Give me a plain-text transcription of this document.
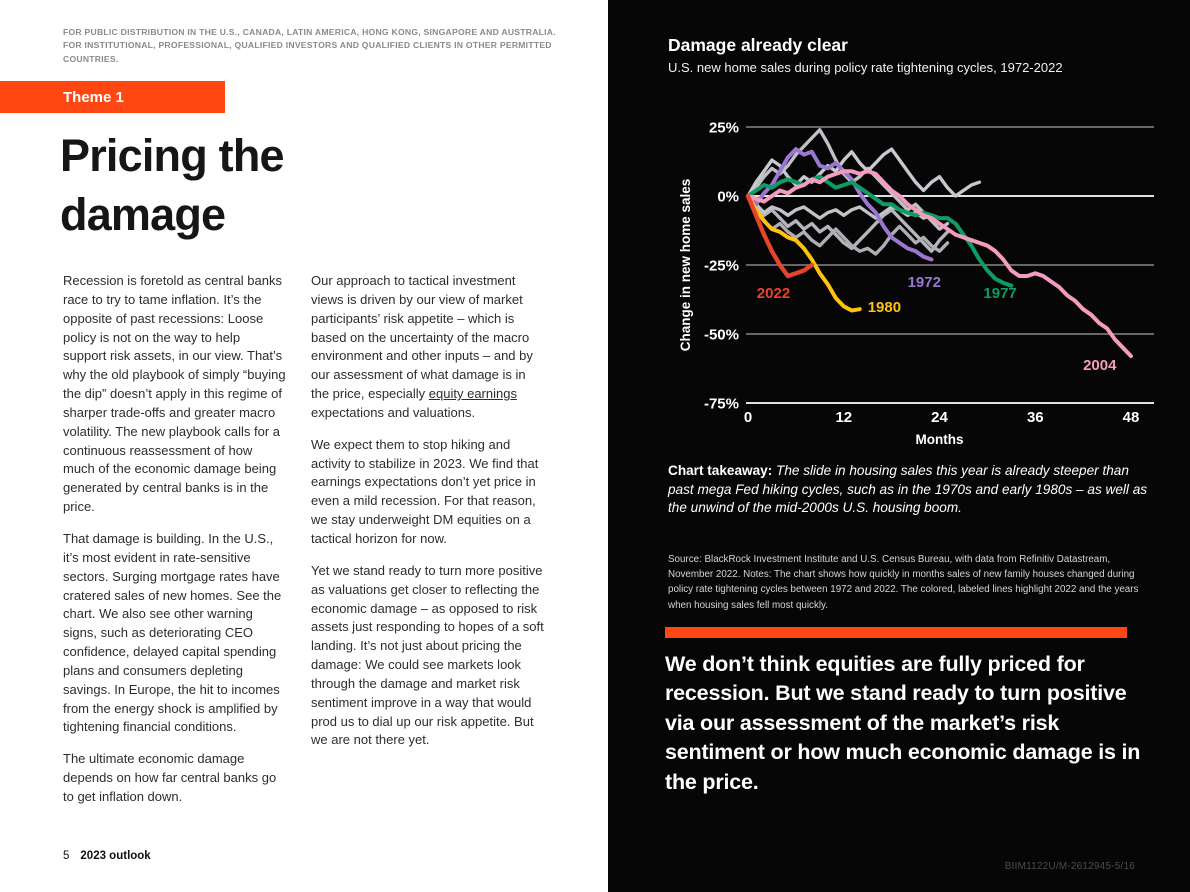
FOR PUBLIC DISTRIBUTION IN THE U.S., CANADA, LATIN AMERICA, HONG KONG, SINGAPORE AND AUSTRALIA.
FOR INSTITUTIONAL, PROFESSIONAL, QUALIFIED INVESTORS AND QUALIFIED CLIENTS IN OTHER PERMITTED COUNTRIES.
Theme 1
Pricing the damage

Recession is foretold as central banks race to try to tame inflation. It’s the opposite of past recessions: Loose policy is not on the way to help support risk assets, in our view. That’s why the old playbook of simply “buying the dip” doesn’t apply in this regime of sharper trade-offs and greater macro volatility. The new playbook calls for a continuous reassessment of how much of the economic damage being generated by central banks is in the price.

That damage is building. In the U.S., it’s most evident in rate-sensitive sectors. Surging mortgage rates have cratered sales of new homes. See the chart. We also see other warning signs, such as deteriorating CEO confidence, delayed capital spending plans and consumers depleting savings. In Europe, the hit to incomes from the energy shock is amplified by tightening financial conditions.

The ultimate economic damage depends on how far central banks go to get inflation down.

Our approach to tactical investment views is driven by our view of market participants’ risk appetite – which is based on the uncertainty of the macro environment and other inputs – and by our assessment of what damage is in the price, especially equity earnings expectations and valuations.

We expect them to stop hiking and activity to stabilize in 2023. We find that earnings expectations don’t yet price in even a mild recession. For that reason, we stay underweight DM equities on a tactical horizon for now.

Yet we stand ready to turn more positive as valuations get closer to reflecting the economic damage – as opposed to risk assets just responding to hopes of a soft landing. It’s not just about pricing the damage: We could see markets look through the damage and market risk sentiment improve in a way that would prod us to dial up our risk appetite. But we are not there yet.

5 2023 outlook
Damage already clear
U.S. new home sales during policy rate tightening cycles, 1972-2022
25%
0%
-25%
-50%
-75%
0	12	24	36	48
Months
Change in new home sales	1972
1977
2004
1980
2022
Chart takeaway: The slide in housing sales this year is already steeper than past mega Fed hiking cycles, such as in the 1970s and early 1980s – as well as the unwind of the mid-2000s U.S. housing boom.
Source: BlackRock Investment Institute and U.S. Census Bureau, with data from Refinitiv Datastream, November 2022. Notes: The chart shows how quickly in months sales of new family houses changed during policy rate tightening cycles between 1972 and 2022. The colored, labeled lines highlight 2022 and the years when housing sales fell most quickly.
We don’t think equities are fully priced for recession. But we stand ready to turn positive via our assessment of the market’s risk sentiment or how much economic damage is in the price.
BIIM1122U/M-2612945-5/16
